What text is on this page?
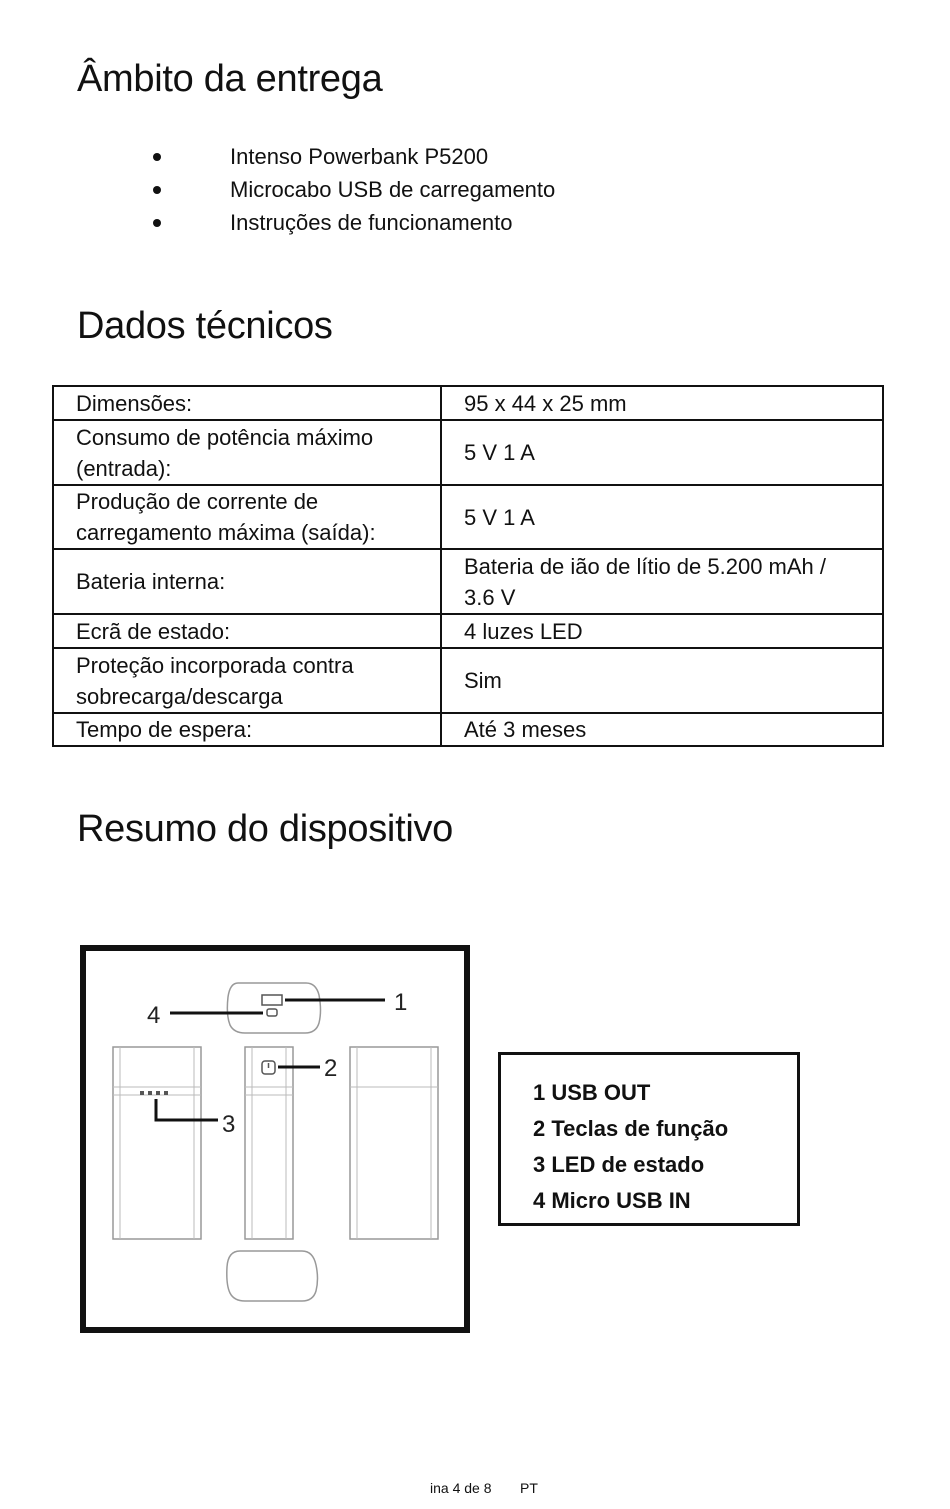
Âmbito da entrega
Intenso Powerbank P5200
Microcabo USB de carregamento
Instruções de funcionamento
Dados técnicos
Dimensões:	95 x 44 x 25 mm
Consumo de potência máximo (entrada):	5 V 1 A
Produção de corrente de carregamento máxima (saída):	5 V 1 A
Bateria interna:	Bateria de ião de lítio de 5.200 mAh / 3.6 V
Ecrã de estado:	4 luzes LED
Proteção incorporada contra sobrecarga/descarga	Sim
Tempo de espera:	Até 3 meses
Resumo do dispositivo
1
4
3
2
1 USB OUT
2 Teclas de função
3 LED de estado
4 Micro USB IN
ina 4 de 8 PT
